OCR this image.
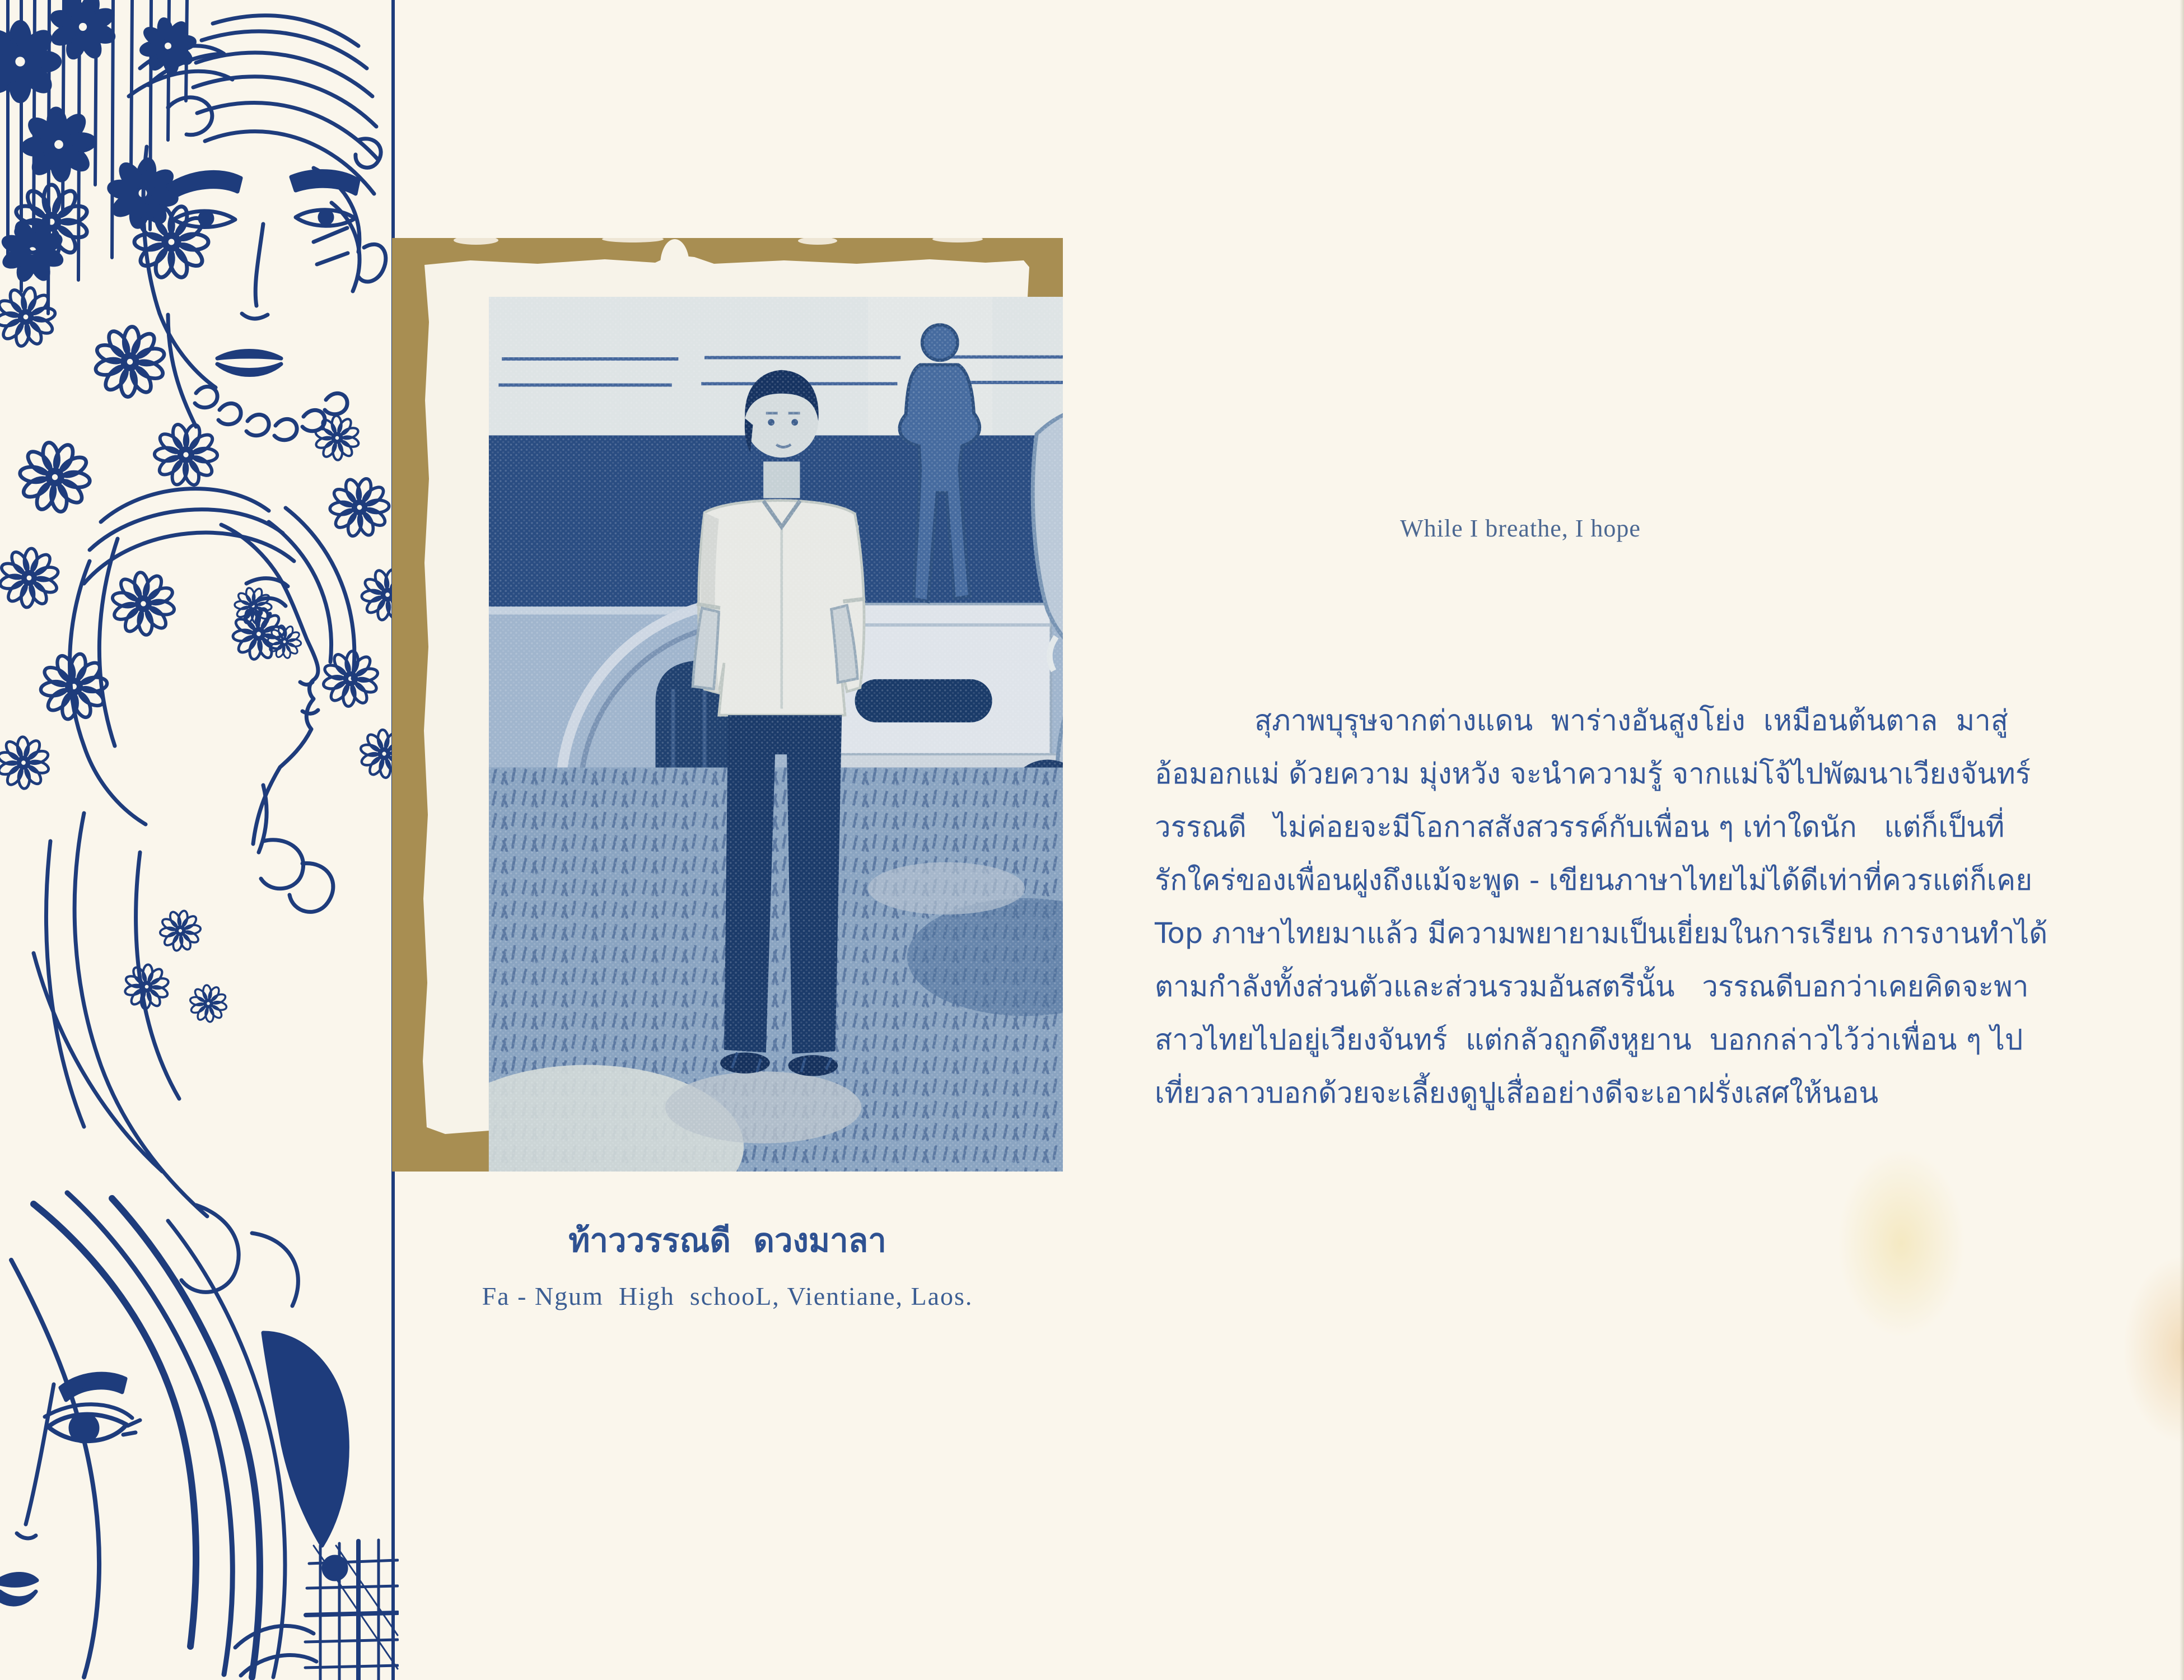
ท้าววรรณดี  ดวงมาลา
Fa - Ngum  High  schooL, Vientiane, Laos.
While I breathe, I hope
สุภาพบุรุษจากต่างแดน  พาร่างอันสูงโย่ง  เหมือนต้นตาล  มาสู่
อ้อมอกแม่ ด้วยความ มุ่งหวัง จะนำความรู้ จากแม่โจ้ไปพัฒนาเวียงจันทร์
วรรณดี   ไม่ค่อยจะมีโอกาสสังสวรรค์กับเพื่อน ๆ เท่าใดนัก   แต่ก็เป็นที่
รักใคร่ของเพื่อนฝูงถึงแม้จะพูด - เขียนภาษาไทยไม่ได้ดีเท่าที่ควรแต่ก็เคย
Top ภาษาไทยมาแล้ว มีความพยายามเป็นเยี่ยมในการเรียน การงานทำได้
ตามกำลังทั้งส่วนตัวและส่วนรวมอันสตรีนั้น   วรรณดีบอกว่าเคยคิดจะพา
สาวไทยไปอยู่เวียงจันทร์  แต่กลัวถูกดึงหูยาน  บอกกล่าวไว้ว่าเพื่อน ๆ ไป
เที่ยวลาวบอกด้วยจะเลี้ยงดูปูเสื่ออย่างดีจะเอาฝรั่งเสศให้นอน
